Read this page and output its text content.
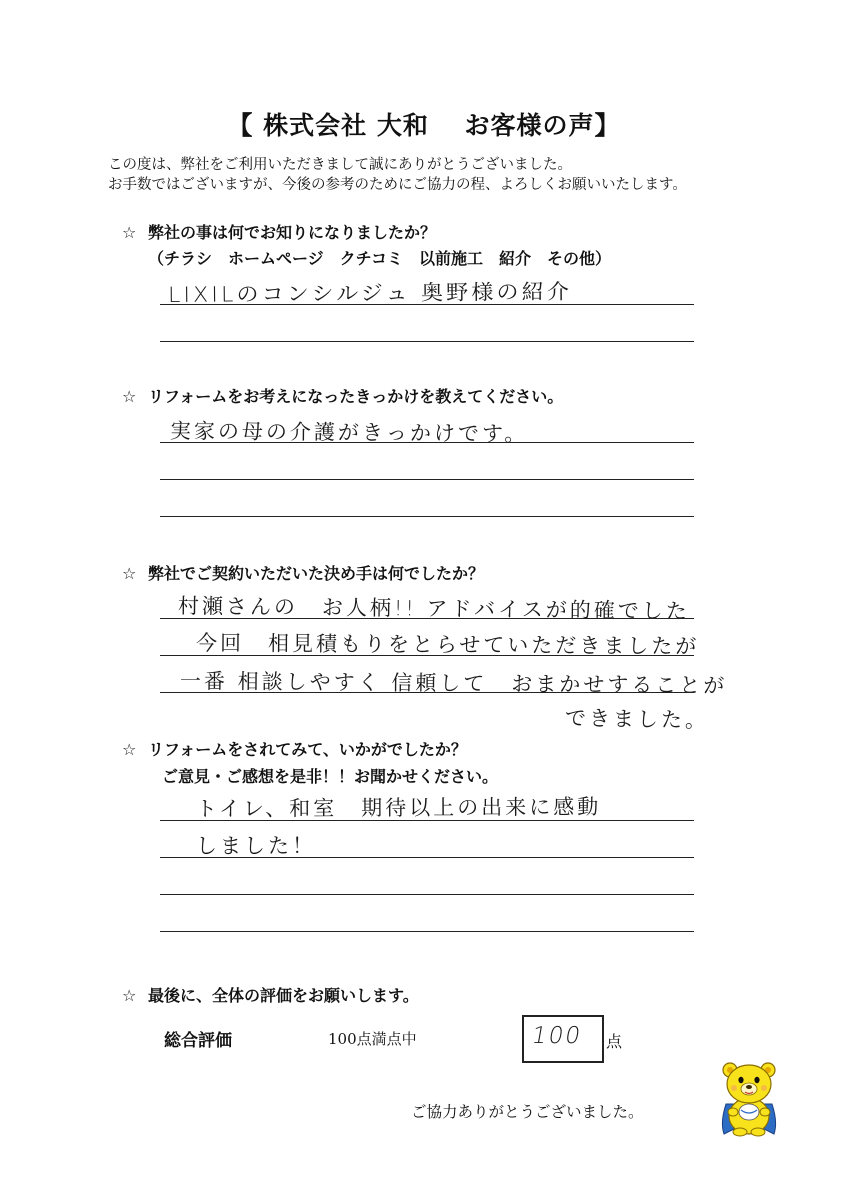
【 株式会社 大和　 お客様の声】
この度は、弊社をご利用いただきまして誠にありがとうございました。
お手数ではございますが、今後の参考のためにご協力の程、よろしくお願いいたします。
☆ 弊社の事は何でお知りになりましたか？
（チラシ　ホームページ　クチコミ　以前施工　紹介　その他）
LIXILのコンシルジュ 奥野様の紹介
☆ リフォームをお考えになったきっかけを教えてください。
実家の母の介護がきっかけです。
☆ 弊社でご契約いただいた決め手は何でしたか？
村瀬さんの　お人柄!! アドバイスが的確でした
今回　相見積もりをとらせていただきましたが
一番 相談しやすく 信頼して　おまかせすることが
できました。
☆ リフォームをされてみて、いかがでしたか？
ご意見・ご感想を是非！！お聞かせください。
トイレ、和室　期待以上の出来に感動
しました！
☆ 最後に、全体の評価をお願いします。
総合評価	100点満点中	100 点
ご協力ありがとうございました。
